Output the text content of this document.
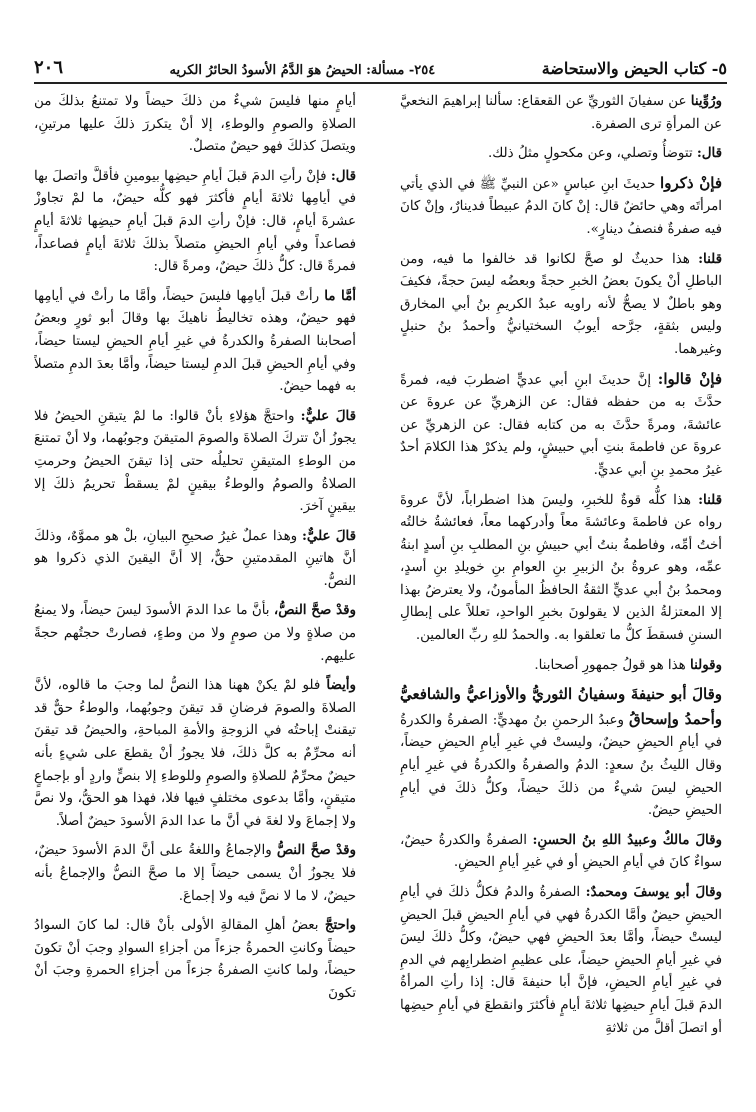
٥- كتاب الحيض والاستحاضة
٢٥٤- مسألة: الحيضُ هوَ الدَّمُ الأسودُ الحائرُ الكريه
٢٠٦

ورُوِّينا عن سفيانَ الثوريِّ عن القعقاع: سألنا إبراهيمَ النخعيَّ عن المرأةِ ترى الصفرة.

قال: تتوضأُ وتصلي، وعن مكحولٍ مثلُ ذلك.

فإنْ ذكروا حديثَ ابنِ عباسٍ «عن النبيِّ ﷺ في الذي يأتي امرأتَه وهي حائضٌ قال: إنْ كانَ الدمُ عبيطاً فدينارٌ، وإنْ كانَ فيه صفرةٌ فنصفُ دينارٍ».

قلنا: هذا حديثٌ لو صحَّ لكانوا قد خالفوا ما فيه، ومن الباطلِ أنْ يكونَ بعضُ الخبرِ حجةً وبعضُه ليسَ حجةً، فكيفَ وهو باطلٌ لا يصحُّ لأنه راويه عبدُ الكريمِ بنُ أبي المخارق وليس بثقةٍ، جرَّحه أيوبُ السختيانيُّ وأحمدُ بنُ حنبلٍ وغيرهما.

فإنْ قالوا: إنَّ حديثَ ابنِ أبي عديٍّ اضطربَ فيه، فمرةً حدَّثَ به من حفظه فقال: عن الزهريِّ عن عروةَ عن عائشةَ، ومرةً حدَّثَ به من كتابه فقال: عن الزهريِّ عن عروةَ عن فاطمةَ بنتِ أبي حبيشٍ، ولم يذكرْ هذا الكلامَ أحدٌ غيرُ محمدِ بنِ أبي عديٍّ.

قلنا: هذا كلُّه قوةٌ للخبرِ، وليسَ هذا اضطراباً، لأنَّ عروةَ رواه عن فاطمةَ وعائشةَ معاً وأدركهما معاً، فعائشةُ خالتُه أختُ أمِّه، وفاطمةُ بنتُ أبي حبيشِ بنِ المطلبِ بنِ أسدٍ ابنةُ عمِّه، وهو عروةُ بنُ الزبيرِ بنِ العوامِ بنِ خويلدِ بنِ أسدٍ، ومحمدُ بنُ أبي عديٍّ الثقةُ الحافظُ المأمونُ، ولا يعترضُ بهذا إلا المعتزلةُ الذين لا يقولونَ بخبرِ الواحدِ، تعللاً على إبطالِ السننِ فسقطَ كلُّ ما تعلقوا به. والحمدُ للهِ ربِّ العالمين.

وقولنا هذا هو قولُ جمهورِ أصحابنا.

وقالَ أبو حنيفةَ وسفيانُ الثوريُّ والأوزاعيُّ والشافعيُّ وأحمدُ وإسحاقُ وعبدُ الرحمنِ بنُ مهديٍّ: الصفرةُ والكدرةُ في أيامِ الحيضِ حيضٌ، وليستْ في غيرِ أيامِ الحيضِ حيضاً، وقال الليثُ بنُ سعدٍ: الدمُ والصفرةُ والكدرةُ في غيرِ أيامِ الحيضِ ليسَ شيءٌ من ذلكَ حيضاً، وكلُّ ذلكَ في أيامِ الحيضِ حيضٌ.

وقالَ مالكٌ وعبيدُ اللهِ بنُ الحسنِ: الصفرةُ والكدرةُ حيضٌ، سواءٌ كانَ في أيامِ الحيضِ أو في غيرِ أيامِ الحيضِ.

وقالَ أبو يوسفَ ومحمدٌ: الصفرةُ والدمُ فكلُّ ذلكَ في أيامِ الحيضِ حيضٌ وأمَّا الكدرةُ فهي في أيامِ الحيضِ قبلَ الحيضِ ليستْ حيضاً، وأمَّا بعدَ الحيضِ فهي حيضٌ، وكلُّ ذلكَ ليسَ في غيرِ أيامِ الحيضِ حيضاً، على عظيمِ اضطرابِهم في الدمِ في غيرِ أيامِ الحيضِ، فإنَّ أبا حنيفةَ قال: إذا رأتِ المرأةُ الدمَ قبلَ أيامِ حيضِها ثلاثةَ أيامٍ فأكثرَ وانقطعَ في أيامِ حيضِها أو اتصلَ أقلَّ من ثلاثةِ

أيامٍ منها فليسَ شيءٌ من ذلكَ حيضاً ولا تمتنعُ بذلكَ من الصلاةِ والصومِ والوطءِ، إلا أنْ يتكررَ ذلكَ عليها مرتينِ، ويتصلَ كذلكَ فهو حيضٌ متصلٌ.

قال: فإنْ رأتِ الدمَ قبلَ أيامِ حيضِها بيومينِ فأقلَّ واتصلَ بها في أيامِها ثلاثةَ أيامٍ فأكثرَ فهو كلُّه حيضٌ، ما لمْ تجاوزْ عشرةَ أيامٍ، قال: فإنْ رأتِ الدمَ قبلَ أيامِ حيضِها ثلاثةَ أيامٍ فصاعداً وفي أيامِ الحيضِ متصلاً بذلكَ ثلاثةَ أيامٍ فصاعداً، فمرةً قال: كلُّ ذلكَ حيضٌ، ومرةً قال:

أمَّا ما رأتْ قبلَ أيامِها فليسَ حيضاً، وأمَّا ما رأتْ في أيامِها فهو حيضٌ، وهذه تخاليطُ ناهيكَ بها وقالَ أبو ثورٍ وبعضُ أصحابنا الصفرةُ والكدرةُ في غيرِ أيامِ الحيضِ ليستا حيضاً، وفي أيامِ الحيضِ قبلَ الدمِ ليستا حيضاً، وأمَّا بعدَ الدمِ متصلاً به فهما حيضٌ.

قالَ عليٌّ: واحتجَّ هؤلاءِ بأنْ قالوا: ما لمْ يتيقنِ الحيضُ فلا يجوزُ أنْ تتركَ الصلاةَ والصومَ المتيقنَ وجوبُهما، ولا أنْ تمتنعَ من الوطءِ المتيقنِ تحليلُه حتى إذا تيقنَ الحيضُ وحرمتِ الصلاةُ والصومُ والوطءُ بيقينٍ لمْ يسقطْ تحريمُ ذلكَ إلا بيقينٍ آخرَ.

قالَ عليٌّ: وهذا عملٌ غيرُ صحيحِ البيانِ، بلْ هو مموَّهٌ، وذلكَ أنَّ هاتينِ المقدمتينِ حقٌّ، إلا أنَّ اليقينَ الذي ذكروا هو النصُّ.

وقدْ صحَّ النصُّ، بأنَّ ما عدا الدمَ الأسودَ ليسَ حيضاً، ولا يمنعُ من صلاةٍ ولا من صومٍ ولا من وطءٍ، فصارتْ حجتُهم حجةً عليهم.

وأيضاً فلو لمْ يكنْ ههنا هذا النصُّ لما وجبَ ما قالوه، لأنَّ الصلاةَ والصومَ فرضانِ قد تيقنَ وجوبُهما، والوطءُ حقٌّ قد تيقنتْ إباحتُه في الزوجةِ والأمةِ المباحةِ، والحيضُ قد تيقنَ أنه محرِّمٌ به كلَّ ذلكَ، فلا يجوزُ أنْ يقطعَ على شيءٍ بأنه حيضٌ محرِّمٌ للصلاةِ والصومِ وللوطءِ إلا بنصٍّ واردٍ أو بإجماعٍ متيقنٍ، وأمَّا بدعوى مختلفٍ فيها فلا، فهذا هو الحقُّ، ولا نصَّ ولا إجماعَ ولا لغةَ في أنَّ ما عدا الدمَ الأسودَ حيضٌ أصلاً.

وقدْ صحَّ النصُّ والإجماعُ واللغةُ على أنَّ الدمَ الأسودَ حيضٌ، فلا يجوزُ أنْ يسمى حيضاً إلا ما صحَّ النصُّ والإجماعُ بأنه حيضٌ، لا ما لا نصَّ فيه ولا إجماعَ.

واحتجَّ بعضُ أهلِ المقالةِ الأولى بأنْ قال: لما كانَ السوادُ حيضاً وكانتِ الحمرةُ جزءاً من أجزاءِ السوادِ وجبَ أنْ تكونَ حيضاً، ولما كانتِ الصفرةُ جزءاً من أجزاءِ الحمرةِ وجبَ أنْ تكونَ
